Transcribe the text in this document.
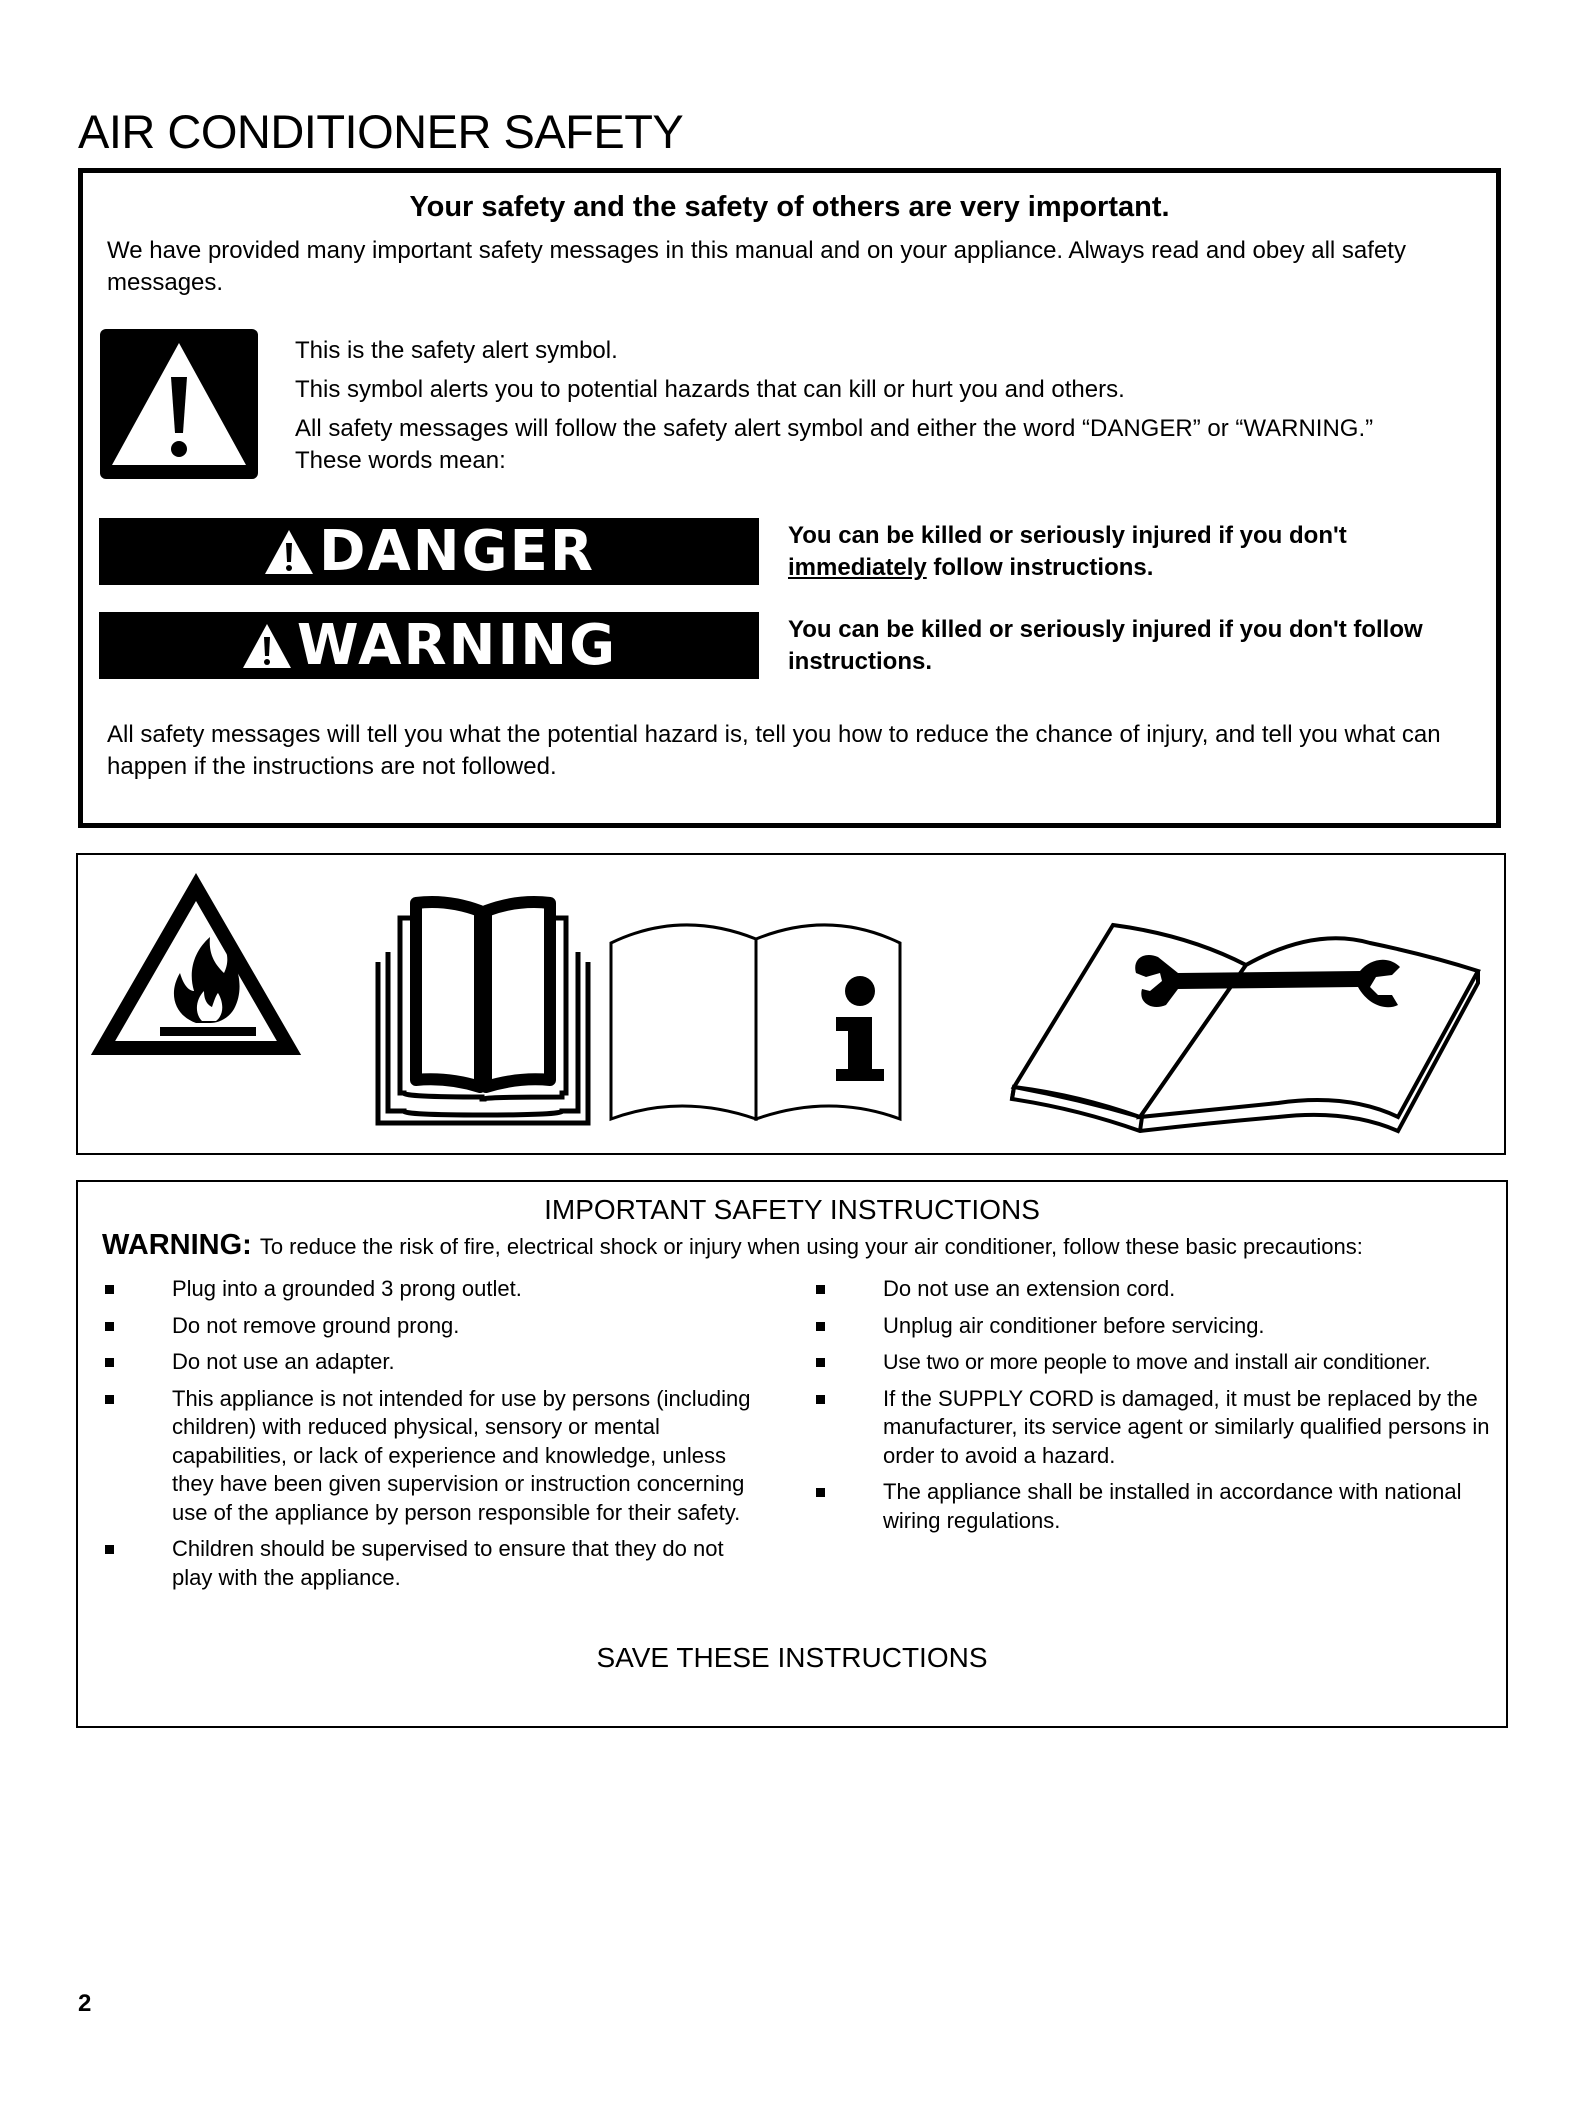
AIR CONDITIONER SAFETY
Your safety and the safety of others are very important.
We have provided many important safety messages in this manual and on your appliance. Always read and obey all safety messages.
This is the safety alert symbol.
This symbol alerts you to potential hazards that can kill or hurt you and others.
All safety messages will follow the safety alert symbol and either the word “DANGER” or “WARNING.” These words mean:
DANGER	You can be killed or seriously injured if you don't immediately follow instructions.
WARNING	You can be killed or seriously injured if you don't follow instructions.
All safety messages will tell you what the potential hazard is, tell you how to reduce the chance of injury, and tell you what can happen if the instructions are not followed.
IMPORTANT SAFETY INSTRUCTIONS
WARNING: To reduce the risk of fire, electrical shock or injury when using your air conditioner, follow these basic precautions:
Plug into a grounded 3 prong outlet.
Do not remove ground prong.
Do not use an adapter.
This appliance is not intended for use by persons (including children) with reduced physical, sensory or mental capabilities, or lack of experience and knowledge, unless they have been given supervision or instruction concerning use of the appliance by person responsible for their safety.
Children should be supervised to ensure that they do not play with the appliance.
Do not use an extension cord.
Unplug air conditioner before servicing.
Use two or more people to move and install air conditioner.
If the SUPPLY CORD is damaged, it must be replaced by the manufacturer, its service agent or similarly qualified persons in order to avoid a hazard.
The appliance shall be installed in accordance with national wiring regulations.
SAVE THESE INSTRUCTIONS
2
